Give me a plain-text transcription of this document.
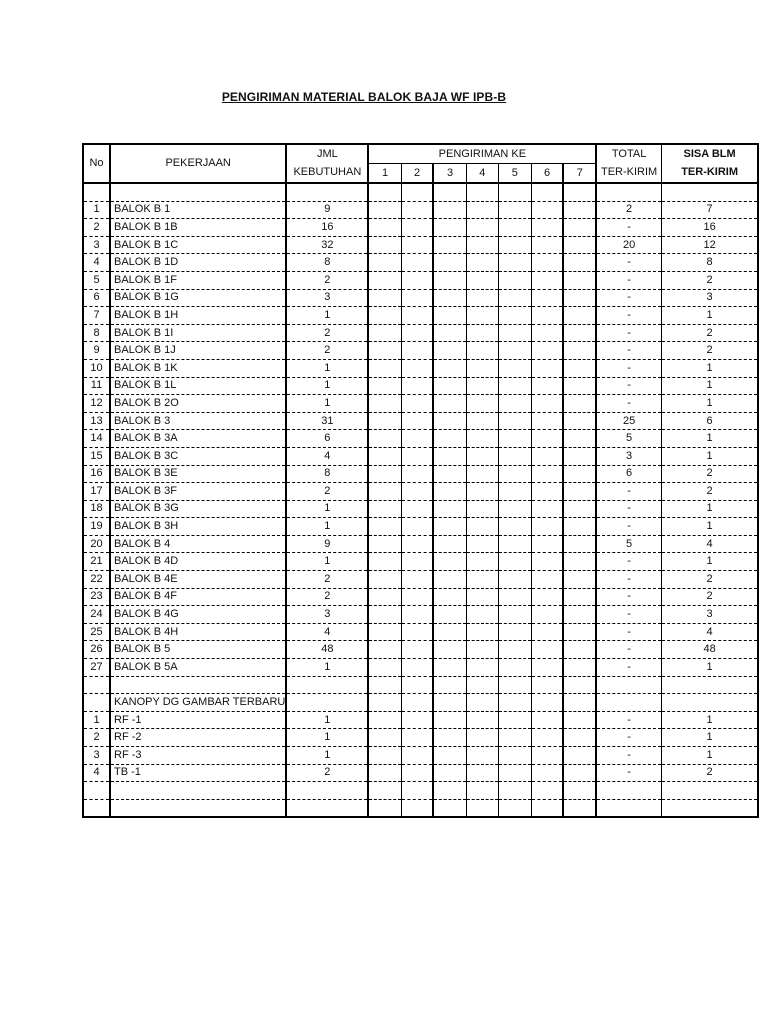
PENGIRIMAN MATERIAL BALOK BAJA WF IPB-B
No	PEKERJAAN	JML	PENGIRIMAN KE							TOTAL	SISA BLM
		KEBUTUHAN	1	2	3	4	5	6	7	TER-KIRIM	TER-KIRIM

1	BALOK B 1	9								2	7
2	BALOK B 1B	16								-	16
3	BALOK B 1C	32								20	12
4	BALOK B 1D	8								-	8
5	BALOK B 1F	2								-	2
6	BALOK B 1G	3								-	3
7	BALOK B 1H	1								-	1
8	BALOK B 1I	2								-	2
9	BALOK B 1J	2								-	2
10	BALOK B 1K	1								-	1
11	BALOK B 1L	1								-	1
12	BALOK B 2O	1								-	1
13	BALOK B 3	31								25	6
14	BALOK B 3A	6								5	1
15	BALOK B 3C	4								3	1
16	BALOK B 3E	8								6	2
17	BALOK B 3F	2								-	2
18	BALOK B 3G	1								-	1
19	BALOK B 3H	1								-	1
20	BALOK B 4	9								5	4
21	BALOK B 4D	1								-	1
22	BALOK B 4E	2								-	2
23	BALOK B 4F	2								-	2
24	BALOK B 4G	3								-	3
25	BALOK B 4H	4								-	4
26	BALOK B 5	48								-	48
27	BALOK B 5A	1								-	1

	KANOPY DG GAMBAR TERBARU										
1	RF -1	1								-	1
2	RF -2	1								-	1
3	RF -3	1								-	1
4	TB -1	2								-	2
